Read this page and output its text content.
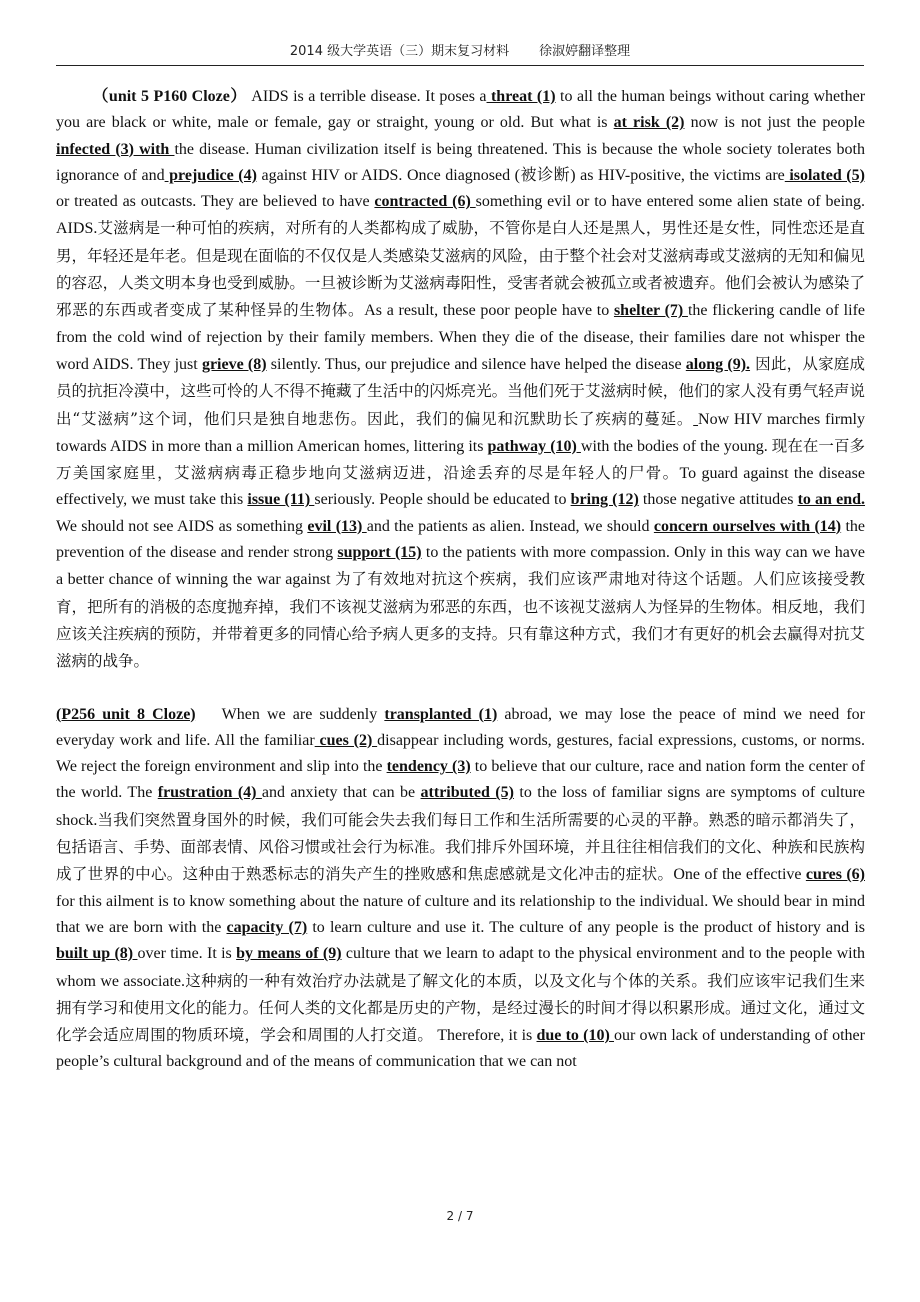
2014 级大学英语（三）期末复习材料 徐淑婷翻译整理

（unit 5 P160 Cloze） AIDS is a terrible disease. It poses a threat (1) to all the human beings without caring whether you are black or white, male or female, gay or straight, young or old. But what is at risk (2) now is not just the people infected (3) with the disease. Human civilization itself is being threatened. This is because the whole society tolerates both ignorance of and prejudice (4) against HIV or AIDS. Once diagnosed (被诊断) as HIV-positive, the victims are isolated (5) or treated as outcasts. They are believed to have contracted (6) something evil or to have entered some alien state of being. AIDS.艾滋病是一种可怕的疾病，对所有的人类都构成了威胁，不管你是白人还是黑人，男性还是女性，同性恋还是直男，年轻还是年老。但是现在面临的不仅仅是人类感染艾滋病的风险，由于整个社会对艾滋病毒或艾滋病的无知和偏见的容忍，人类文明本身也受到威胁。一旦被诊断为艾滋病毒阳性，受害者就会被孤立或者被遗弃。他们会被认为感染了邪恶的东西或者变成了某种怪异的生物体。As a result, these poor people have to shelter (7) the flickering candle of life from the cold wind of rejection by their family members. When they die of the disease, their families dare not whisper the word AIDS. They just grieve (8) silently. Thus, our prejudice and silence have helped the disease along (9). 因此，从家庭成员的抗拒冷漠中，这些可怜的人不得不掩藏了生活中的闪烁亮光。当他们死于艾滋病时候，他们的家人没有勇气轻声说出“艾滋病”这个词，他们只是独自地悲伤。因此，我们的偏见和沉默助长了疾病的蔓延。 Now HIV marches firmly towards AIDS in more than a million American homes, littering its pathway (10) with the bodies of the young. 现在在一百多万美国家庭里，艾滋病病毒正稳步地向艾滋病迈进，沿途丢弃的尽是年轻人的尸骨。To guard against the disease effectively, we must take this issue (11) seriously. People should be educated to bring (12) those negative attitudes to an end. We should not see AIDS as something evil (13) and the patients as alien. Instead, we should concern ourselves with (14) the prevention of the disease and render strong support (15) to the patients with more compassion. Only in this way can we have a better chance of winning the war against 为了有效地对抗这个疾病，我们应该严肃地对待这个话题。人们应该接受教育，把所有的消极的态度抛弃掉，我们不该视艾滋病为邪恶的东西，也不该视艾滋病人为怪异的生物体。相反地，我们应该关注疾病的预防，并带着更多的同情心给予病人更多的支持。只有靠这种方式，我们才有更好的机会去赢得对抗艾滋病的战争。

(P256 unit 8 Cloze) When we are suddenly transplanted (1) abroad, we may lose the peace of mind we need for everyday work and life. All the familiar cues (2) disappear including words, gestures, facial expressions, customs, or norms. We reject the foreign environment and slip into the tendency (3) to believe that our culture, race and nation form the center of the world. The frustration (4) and anxiety that can be attributed (5) to the loss of familiar signs are symptoms of culture shock.当我们突然置身国外的时候，我们可能会失去我们每日工作和生活所需要的心灵的平静。熟悉的暗示都消失了，包括语言、手势、面部表情、风俗习惯或社会行为标准。我们排斥外国环境，并且往往相信我们的文化、种族和民族构成了世界的中心。这种由于熟悉标志的消失产生的挫败感和焦虑感就是文化冲击的症状。One of the effective cures (6) for this ailment is to know something about the nature of culture and its relationship to the individual. We should bear in mind that we are born with the capacity (7) to learn culture and use it. The culture of any people is the product of history and is built up (8) over time. It is by means of (9) culture that we learn to adapt to the physical environment and to the people with whom we associate.这种病的一种有效治疗办法就是了解文化的本质，以及文化与个体的关系。我们应该牢记我们生来拥有学习和使用文化的能力。任何人类的文化都是历史的产物，是经过漫长的时间才得以积累形成。通过文化，通过文化学会适应周围的物质环境，学会和周围的人打交道。 Therefore, it is due to (10) our own lack of understanding of other people’s cultural background and of the means of communication that we can not

2 / 7
